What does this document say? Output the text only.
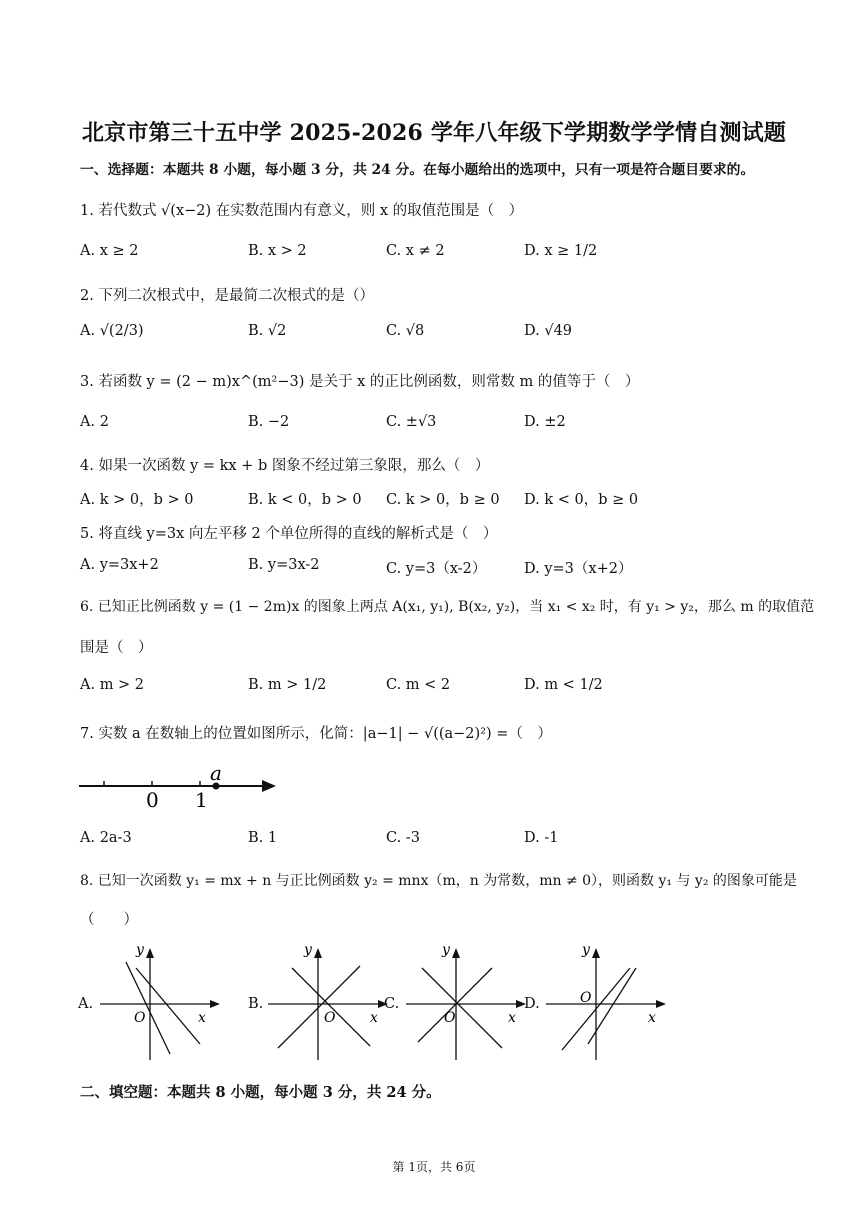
北京市第三十五中学 2025-2026 学年八年级下学期数学学情自测试题
一、选择题：本题共 8 小题，每小题 3 分，共 24 分。在每小题给出的选项中，只有一项是符合题目要求的。
1. 若代数式 √(x−2) 在实数范围内有意义，则 x 的取值范围是（　）
A. x ≥ 2	B. x > 2	C. x ≠ 2	D. x ≥ 1/2
2. 下列二次根式中，是最简二次根式的是（）
A. √(2/3)	B. √2	C. √8	D. √49
3. 若函数 y = (2 − m)x^(m²−3) 是关于 x 的正比例函数，则常数 m 的值等于（　）
A. 2	B. −2	C. ±√3	D. ±2
4. 如果一次函数 y = kx + b 图象不经过第三象限，那么（　）
A. k > 0，b > 0	B. k < 0，b > 0 C. k > 0，b ≥ 0 D. k < 0，b ≥ 0
5. 将直线 y=3x 向左平移 2 个单位所得的直线的解析式是（　）
A. y=3x+2	B. y=3x-2	C. y=3（x-2）	D. y=3（x+2）
6. 已知正比例函数 y = (1 − 2m)x 的图象上两点 A(x₁, y₁), B(x₂, y₂)，当 x₁ < x₂ 时，有 y₁ > y₂，那么 m 的取值范
围是（　）
A. m > 2	B. m > 1/2	C. m < 2	D. m < 1/2
7. 实数 a 在数轴上的位置如图所示，化简：|a−1| − √((a−2)²) =（　）
0 1
a
A. 2a-3	B. 1	C. -3	D. -1
8. 已知一次函数 y₁ = mx + n 与正比例函数 y₂ = mnx（m，n 为常数，mn ≠ 0），则函数 y₁ 与 y₂ 的图象可能是
（　　）
A.
y
x
O
B.
y
x
O
C.
y
x
O
D.
y
x
O
二、填空题：本题共 8 小题，每小题 3 分，共 24 分。
第 1页，共 6页
